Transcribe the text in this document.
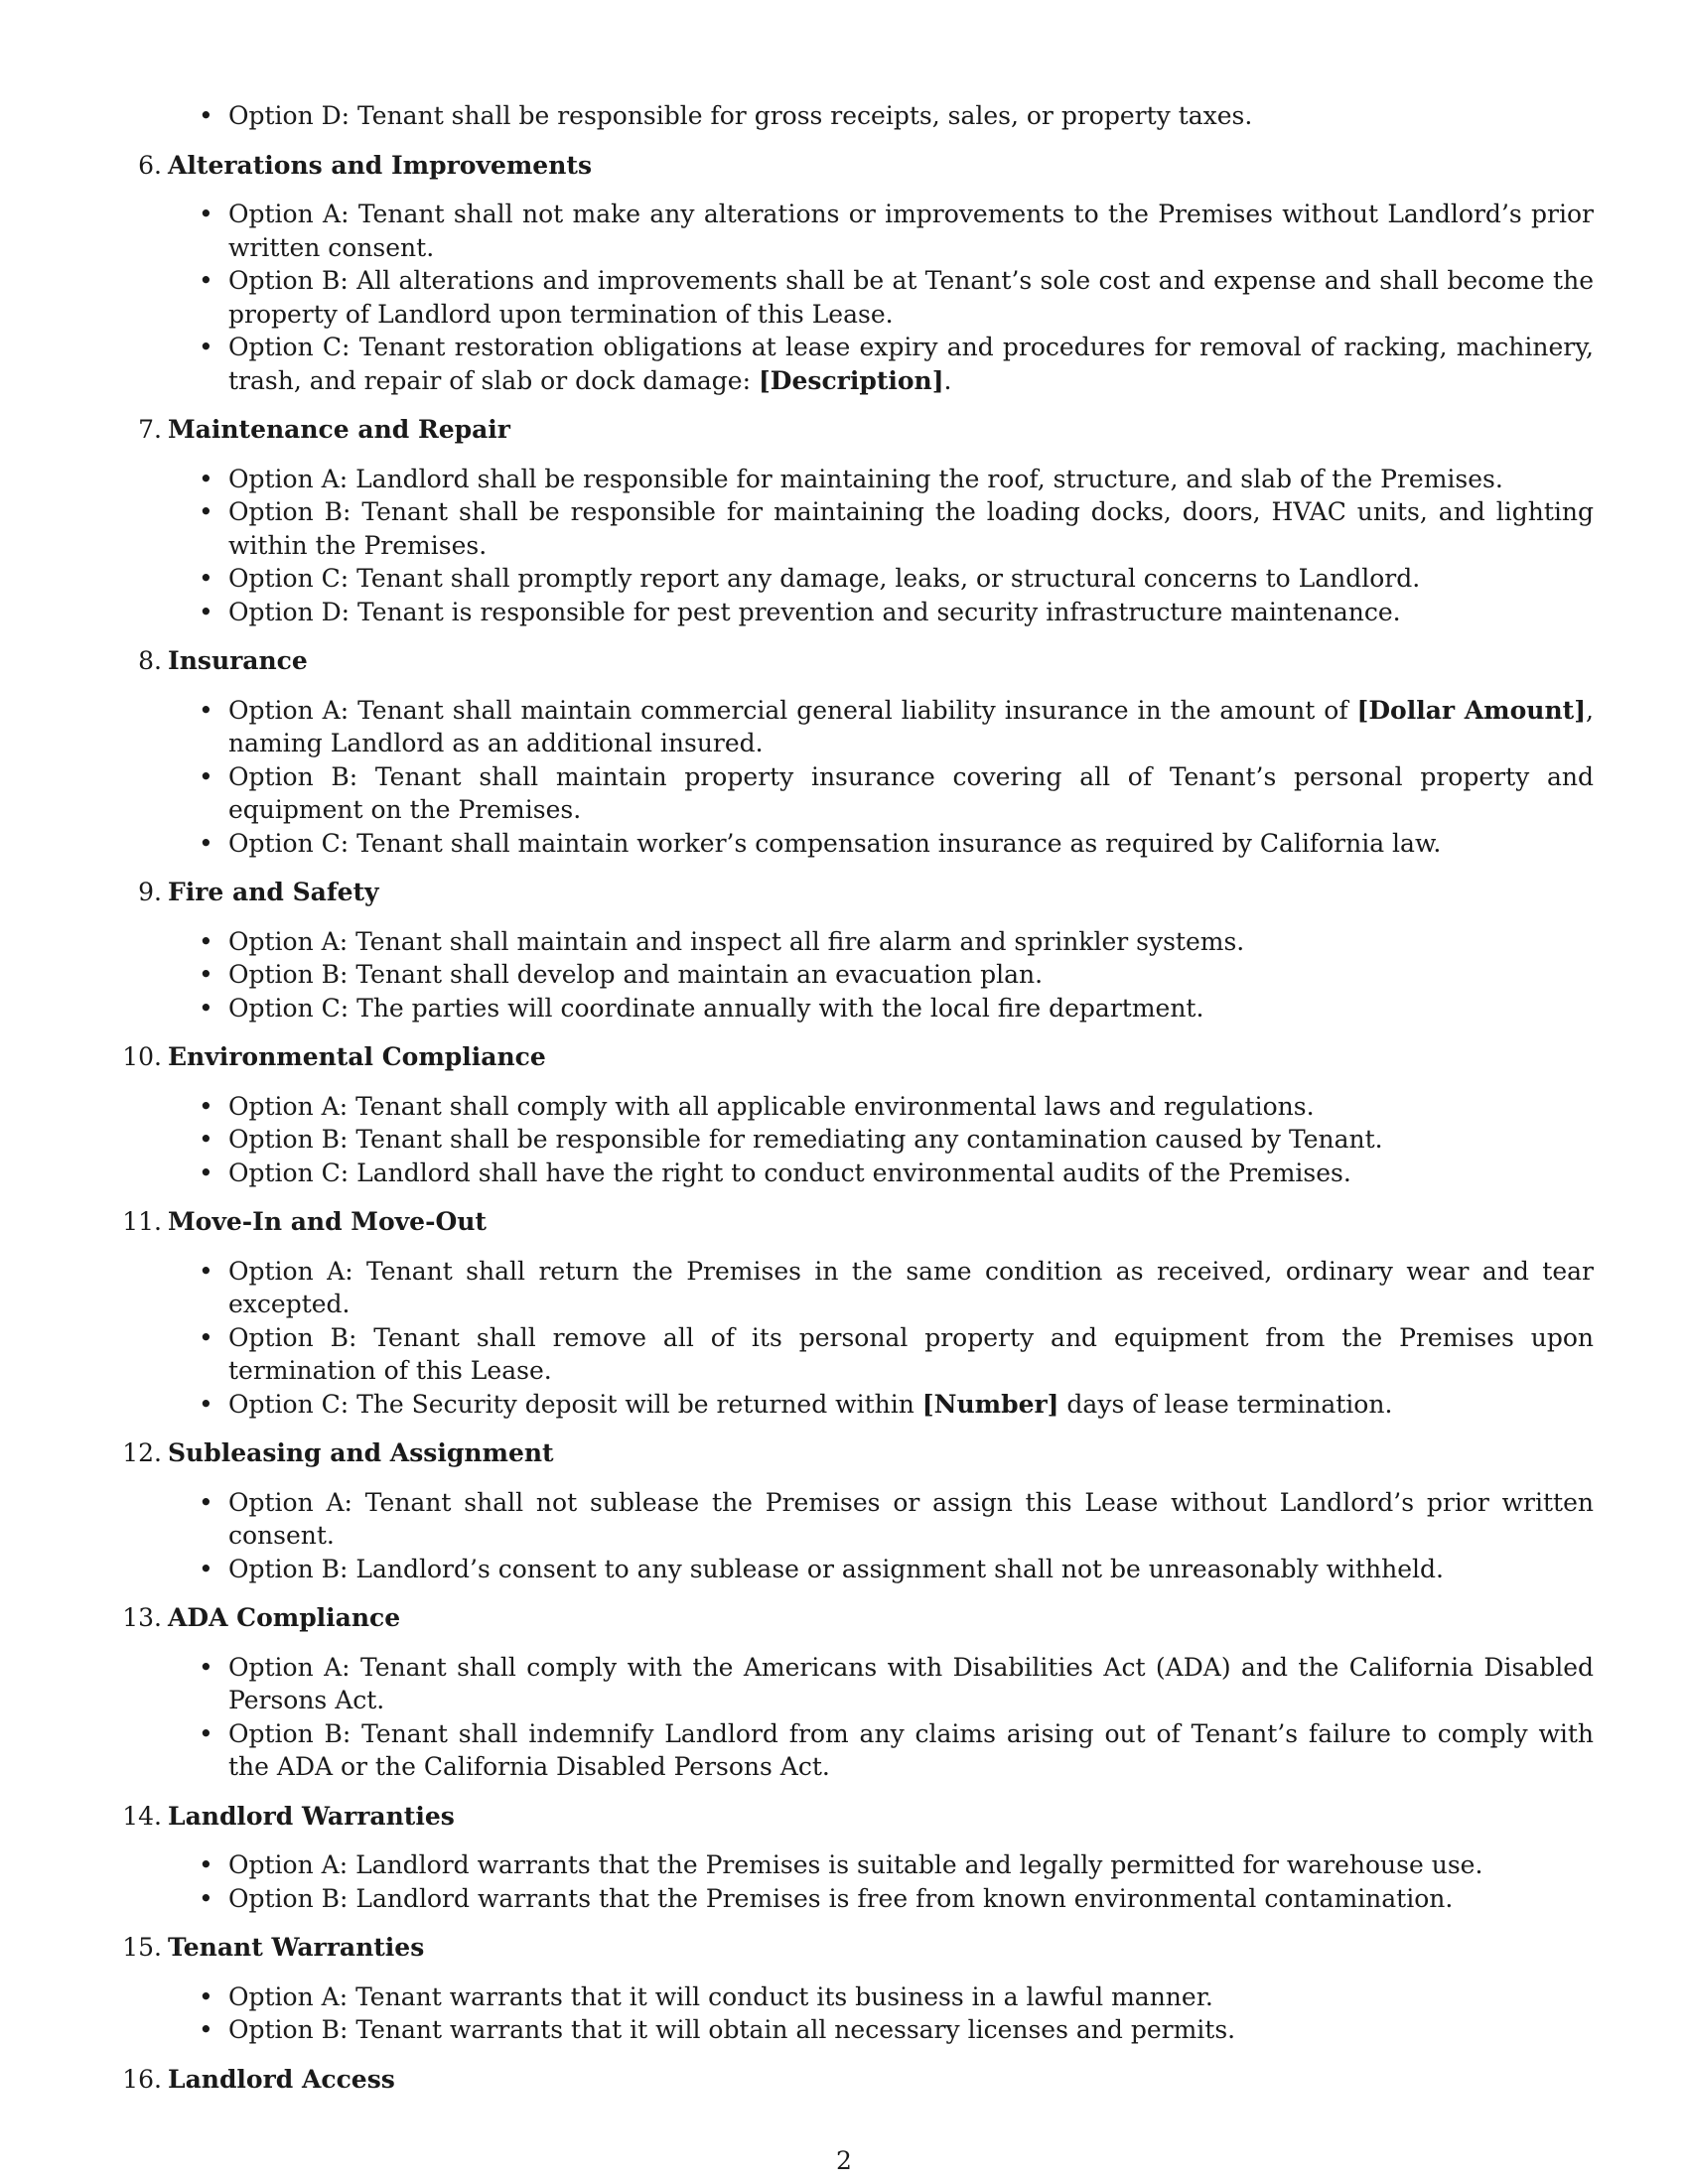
• Option D: Tenant shall be responsible for gross receipts, sales, or property taxes.
6. Alterations and Improvements
• Option A: Tenant shall not make any alterations or improvements to the Premises without Landlord’s prior written consent.
• Option B: All alterations and improvements shall be at Tenant’s sole cost and expense and shall become the property of Landlord upon termination of this Lease.
• Option C: Tenant restoration obligations at lease expiry and procedures for removal of racking, machinery, trash, and repair of slab or dock damage: [Description].
7. Maintenance and Repair
• Option A: Landlord shall be responsible for maintaining the roof, structure, and slab of the Premises.
• Option B: Tenant shall be responsible for maintaining the loading docks, doors, HVAC units, and lighting within the Premises.
• Option C: Tenant shall promptly report any damage, leaks, or structural concerns to Landlord.
• Option D: Tenant is responsible for pest prevention and security infrastructure maintenance.
8. Insurance
• Option A: Tenant shall maintain commercial general liability insurance in the amount of [Dollar Amount], naming Landlord as an additional insured.
• Option B: Tenant shall maintain property insurance covering all of Tenant’s personal property and equipment on the Premises.
• Option C: Tenant shall maintain worker’s compensation insurance as required by California law.
9. Fire and Safety
• Option A: Tenant shall maintain and inspect all fire alarm and sprinkler systems.
• Option B: Tenant shall develop and maintain an evacuation plan.
• Option C: The parties will coordinate annually with the local fire department.
10. Environmental Compliance
• Option A: Tenant shall comply with all applicable environmental laws and regulations.
• Option B: Tenant shall be responsible for remediating any contamination caused by Tenant.
• Option C: Landlord shall have the right to conduct environmental audits of the Premises.
11. Move-In and Move-Out
• Option A: Tenant shall return the Premises in the same condition as received, ordinary wear and tear excepted.
• Option B: Tenant shall remove all of its personal property and equipment from the Premises upon termination of this Lease.
• Option C: The Security deposit will be returned within [Number] days of lease termination.
12. Subleasing and Assignment
• Option A: Tenant shall not sublease the Premises or assign this Lease without Landlord’s prior written consent.
• Option B: Landlord’s consent to any sublease or assignment shall not be unreasonably withheld.
13. ADA Compliance
• Option A: Tenant shall comply with the Americans with Disabilities Act (ADA) and the California Disabled Persons Act.
• Option B: Tenant shall indemnify Landlord from any claims arising out of Tenant’s failure to comply with the ADA or the California Disabled Persons Act.
14. Landlord Warranties
• Option A: Landlord warrants that the Premises is suitable and legally permitted for warehouse use.
• Option B: Landlord warrants that the Premises is free from known environmental contamination.
15. Tenant Warranties
• Option A: Tenant warrants that it will conduct its business in a lawful manner.
• Option B: Tenant warrants that it will obtain all necessary licenses and permits.
16. Landlord Access
2
